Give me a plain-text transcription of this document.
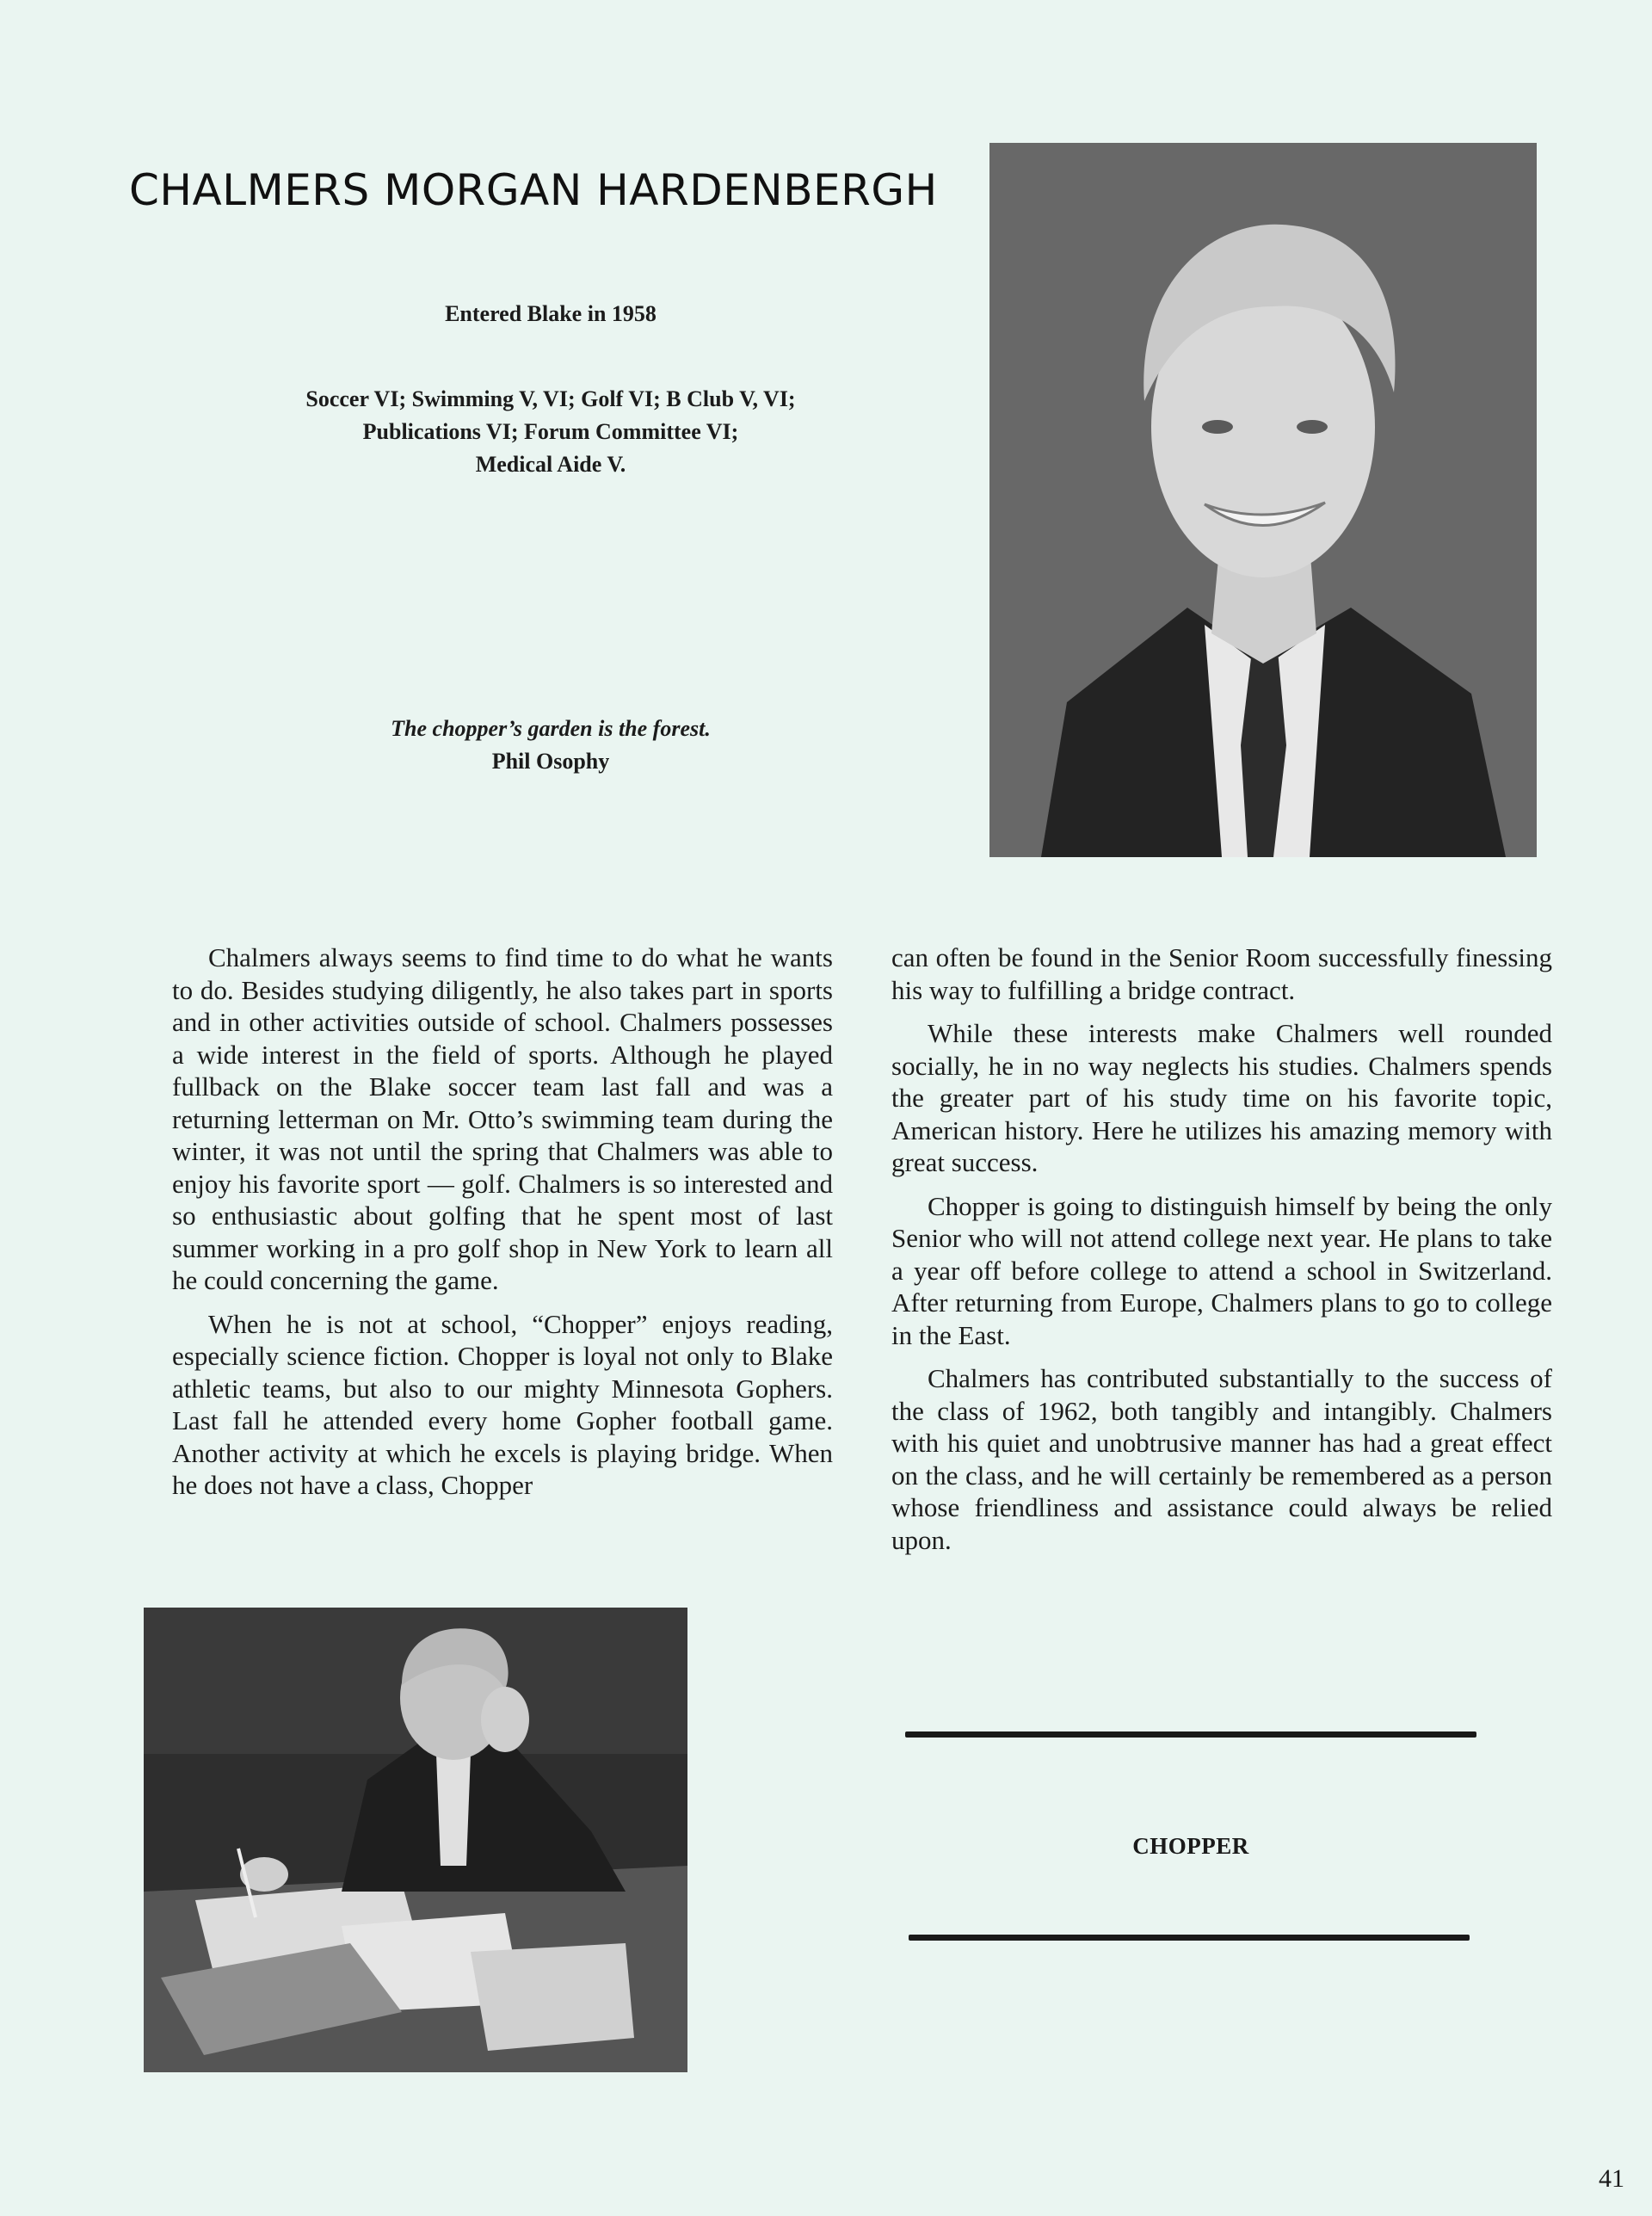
CHALMERS MORGAN HARDENBERGH
Entered Blake in 1958
Soccer VI; Swimming V, VI; Golf VI; B Club V, VI;
Publications VI; Forum Committee VI;
Medical Aide V.
The chopper’s garden is the forest.
Phil Osophy

Chalmers always seems to find time to do what he wants to do. Besides studying diligently, he also takes part in sports and in other activities outside of school. Chalmers possesses a wide interest in the field of sports. Although he played fullback on the Blake soccer team last fall and was a returning letterman on Mr. Otto’s swimming team during the winter, it was not until the spring that Chalmers was able to enjoy his favorite sport — golf. Chalmers is so interested and so enthusiastic about golfing that he spent most of last summer working in a pro golf shop in New York to learn all he could concerning the game.

When he is not at school, “Chopper” enjoys reading, especially science fiction. Chopper is loyal not only to Blake athletic teams, but also to our mighty Minnesota Gophers. Last fall he attended every home Gopher football game. Another activity at which he excels is playing bridge. When he does not have a class, Chopper

can often be found in the Senior Room successfully finessing his way to fulfilling a bridge contract.

While these interests make Chalmers well rounded socially, he in no way neglects his studies. Chalmers spends the greater part of his study time on his favorite topic, American history. Here he utilizes his amazing memory with great success.

Chopper is going to distinguish himself by being the only Senior who will not attend college next year. He plans to take a year off before college to attend a school in Switzerland. After returning from Europe, Chalmers plans to go to college in the East.

Chalmers has contributed substantially to the success of the class of 1962, both tangibly and intangibly. Chalmers with his quiet and unobtrusive manner has had a great effect on the class, and he will certainly be remembered as a person whose friendliness and assistance could always be relied upon.

CHOPPER
41
